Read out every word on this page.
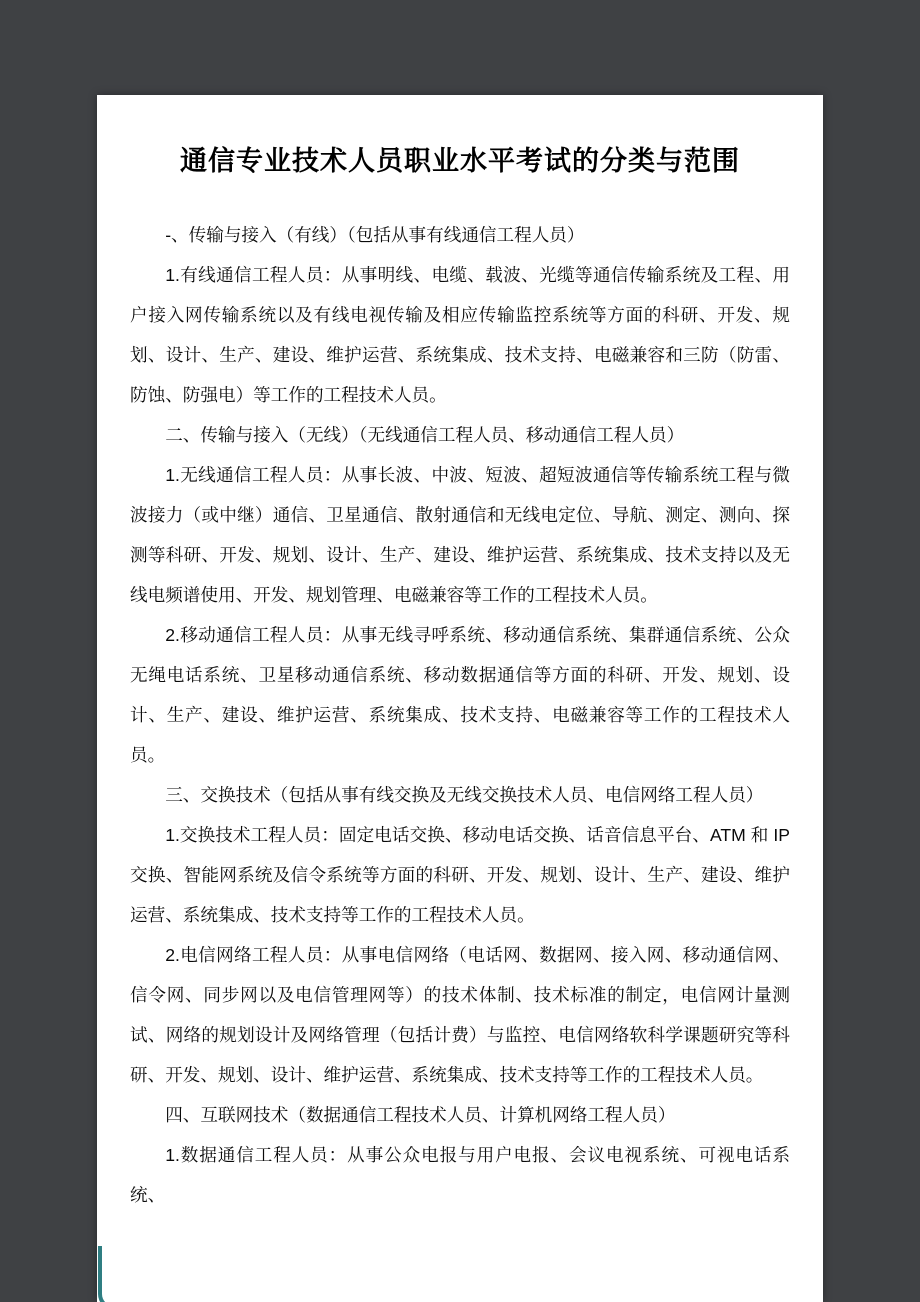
通信专业技术人员职业水平考试的分类与范围

-、传输与接入（有线）（包括从事有线通信工程人员）

1.有线通信工程人员：从事明线、电缆、载波、光缆等通信传输系统及工程、用户接入网传输系统以及有线电视传输及相应传输监控系统等方面的科研、开发、规划、设计、生产、建设、维护运营、系统集成、技术支持、电磁兼容和三防（防雷、防蚀、防强电）等工作的工程技术人员。

二、传输与接入（无线）（无线通信工程人员、移动通信工程人员）

1.无线通信工程人员：从事长波、中波、短波、超短波通信等传输系统工程与微波接力（或中继）通信、卫星通信、散射通信和无线电定位、导航、测定、测向、探测等科研、开发、规划、设计、生产、建设、维护运营、系统集成、技术支持以及无线电频谱使用、开发、规划管理、电磁兼容等工作的工程技术人员。

2.移动通信工程人员：从事无线寻呼系统、移动通信系统、集群通信系统、公众无绳电话系统、卫星移动通信系统、移动数据通信等方面的科研、开发、规划、设计、生产、建设、维护运营、系统集成、技术支持、电磁兼容等工作的工程技术人员。

三、交换技术（包括从事有线交换及无线交换技术人员、电信网络工程人员）

1.交换技术工程人员：固定电话交换、移动电话交换、话音信息平台、ATM 和 IP 交换、智能网系统及信令系统等方面的科研、开发、规划、设计、生产、建设、维护运营、系统集成、技术支持等工作的工程技术人员。

2.电信网络工程人员：从事电信网络（电话网、数据网、接入网、移动通信网、信令网、同步网以及电信管理网等）的技术体制、技术标准的制定，电信网计量测试、网络的规划设计及网络管理（包括计费）与监控、电信网络软科学课题研究等科研、开发、规划、设计、维护运营、系统集成、技术支持等工作的工程技术人员。

四、互联网技术（数据通信工程技术人员、计算机网络工程人员）

1.数据通信工程人员：从事公众电报与用户电报、会议电视系统、可视电话系统、
